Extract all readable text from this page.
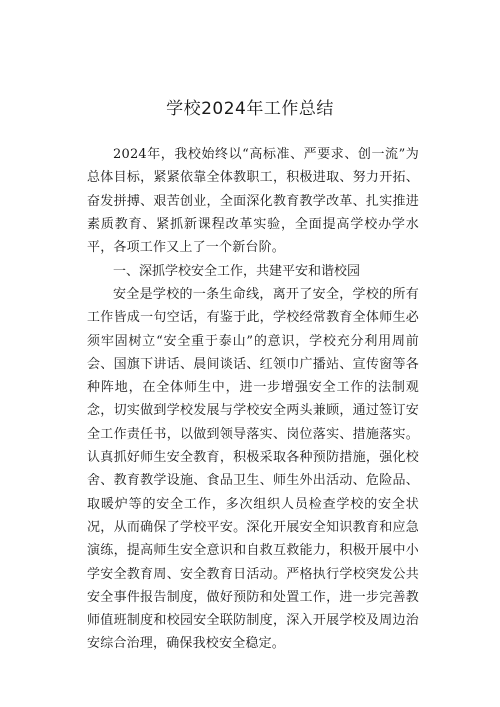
学校2024年工作总结

2024年，我校始终以“高标准、严要求、创一流”为总体目标，紧紧依靠全体教职工，积极进取、努力开拓、奋发拼搏、艰苦创业，全面深化教育教学改革、扎实推进素质教育、紧抓新课程改革实验，全面提高学校办学水平，各项工作又上了一个新台阶。

一、深抓学校安全工作，共建平安和谐校园

安全是学校的一条生命线，离开了安全，学校的所有工作皆成一句空话，有鉴于此，学校经常教育全体师生必须牢固树立“安全重于泰山”的意识，学校充分利用周前会、国旗下讲话、晨间谈话、红领巾广播站、宣传窗等各种阵地，在全体师生中，进一步增强安全工作的法制观念，切实做到学校发展与学校安全两头兼顾，通过签订安全工作责任书，以做到领导落实、岗位落实、措施落实。认真抓好师生安全教育，积极采取各种预防措施，强化校舍、教育教学设施、食品卫生、师生外出活动、危险品、取暖炉等的安全工作，多次组织人员检查学校的安全状况，从而确保了学校平安。深化开展安全知识教育和应急演练，提高师生安全意识和自救互救能力，积极开展中小学安全教育周、安全教育日活动。严格执行学校突发公共安全事件报告制度，做好预防和处置工作，进一步完善教师值班制度和校园安全联防制度，深入开展学校及周边治安综合治理，确保我校安全稳定。
